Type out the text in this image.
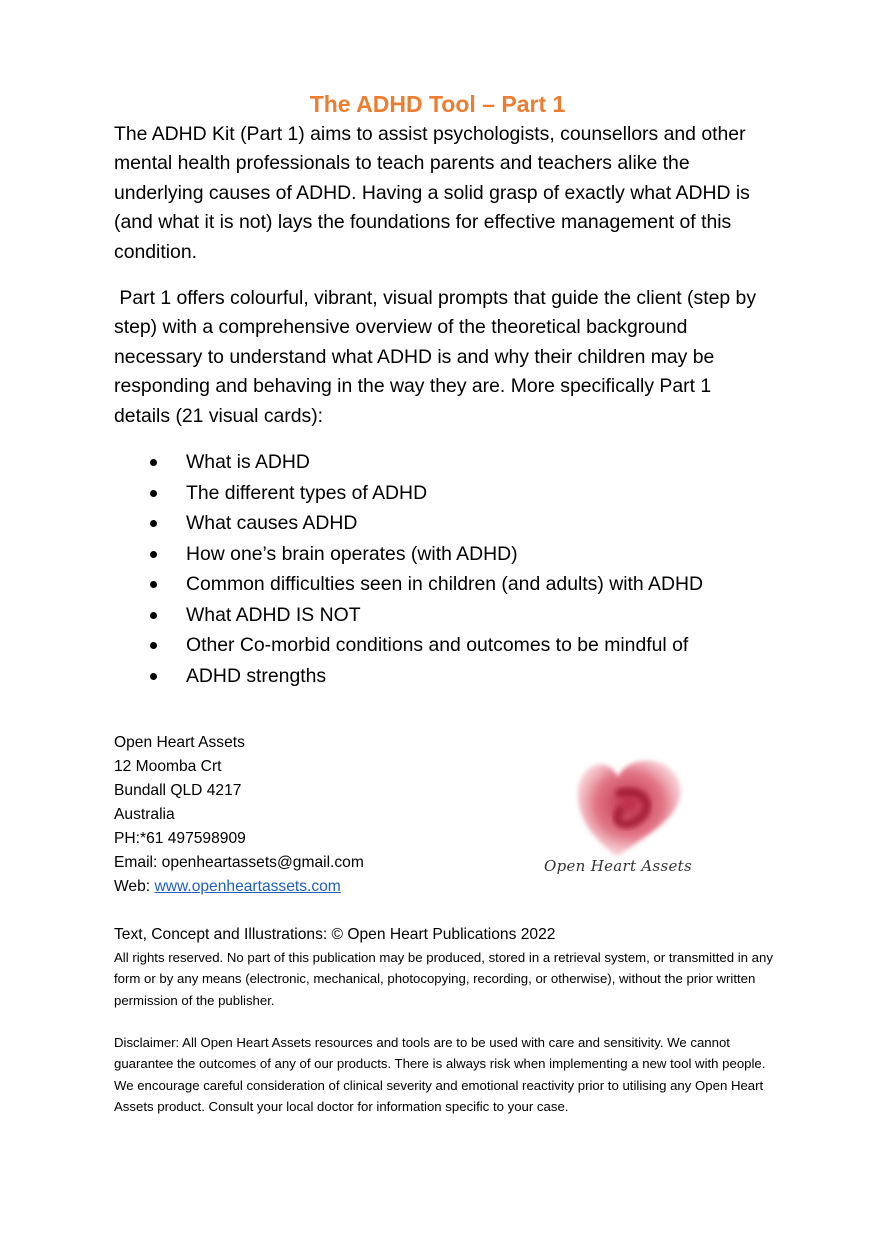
The ADHD Tool – Part 1

The ADHD Kit (Part 1) aims to assist psychologists, counsellors and other mental health professionals to teach parents and teachers alike the underlying causes of ADHD. Having a solid grasp of exactly what ADHD is (and what it is not) lays the foundations for effective management of this condition.

Part 1 offers colourful, vibrant, visual prompts that guide the client (step by step) with a comprehensive overview of the theoretical background necessary to understand what ADHD is and why their children may be responding and behaving in the way they are. More specifically Part 1 details (21 visual cards):

What is ADHD
The different types of ADHD
What causes ADHD
How one’s brain operates (with ADHD)
Common difficulties seen in children (and adults) with ADHD
What ADHD IS NOT
Other Co-morbid conditions and outcomes to be mindful of
ADHD strengths
Open Heart Assets
12 Moomba Crt
Bundall QLD 4217
Australia
PH:*61 497598909
Email: openheartassets@gmail.com
Web: www.openheartassets.com
Open Heart Assets

Text, Concept and Illustrations: © Open Heart Publications 2022

All rights reserved. No part of this publication may be produced, stored in a retrieval system, or transmitted in any form or by any means (electronic, mechanical, photocopying, recording, or otherwise), without the prior written permission of the publisher.

Disclaimer: All Open Heart Assets resources and tools are to be used with care and sensitivity. We cannot guarantee the outcomes of any of our products. There is always risk when implementing a new tool with people. We encourage careful consideration of clinical severity and emotional reactivity prior to utilising any Open Heart Assets product. Consult your local doctor for information specific to your case.
